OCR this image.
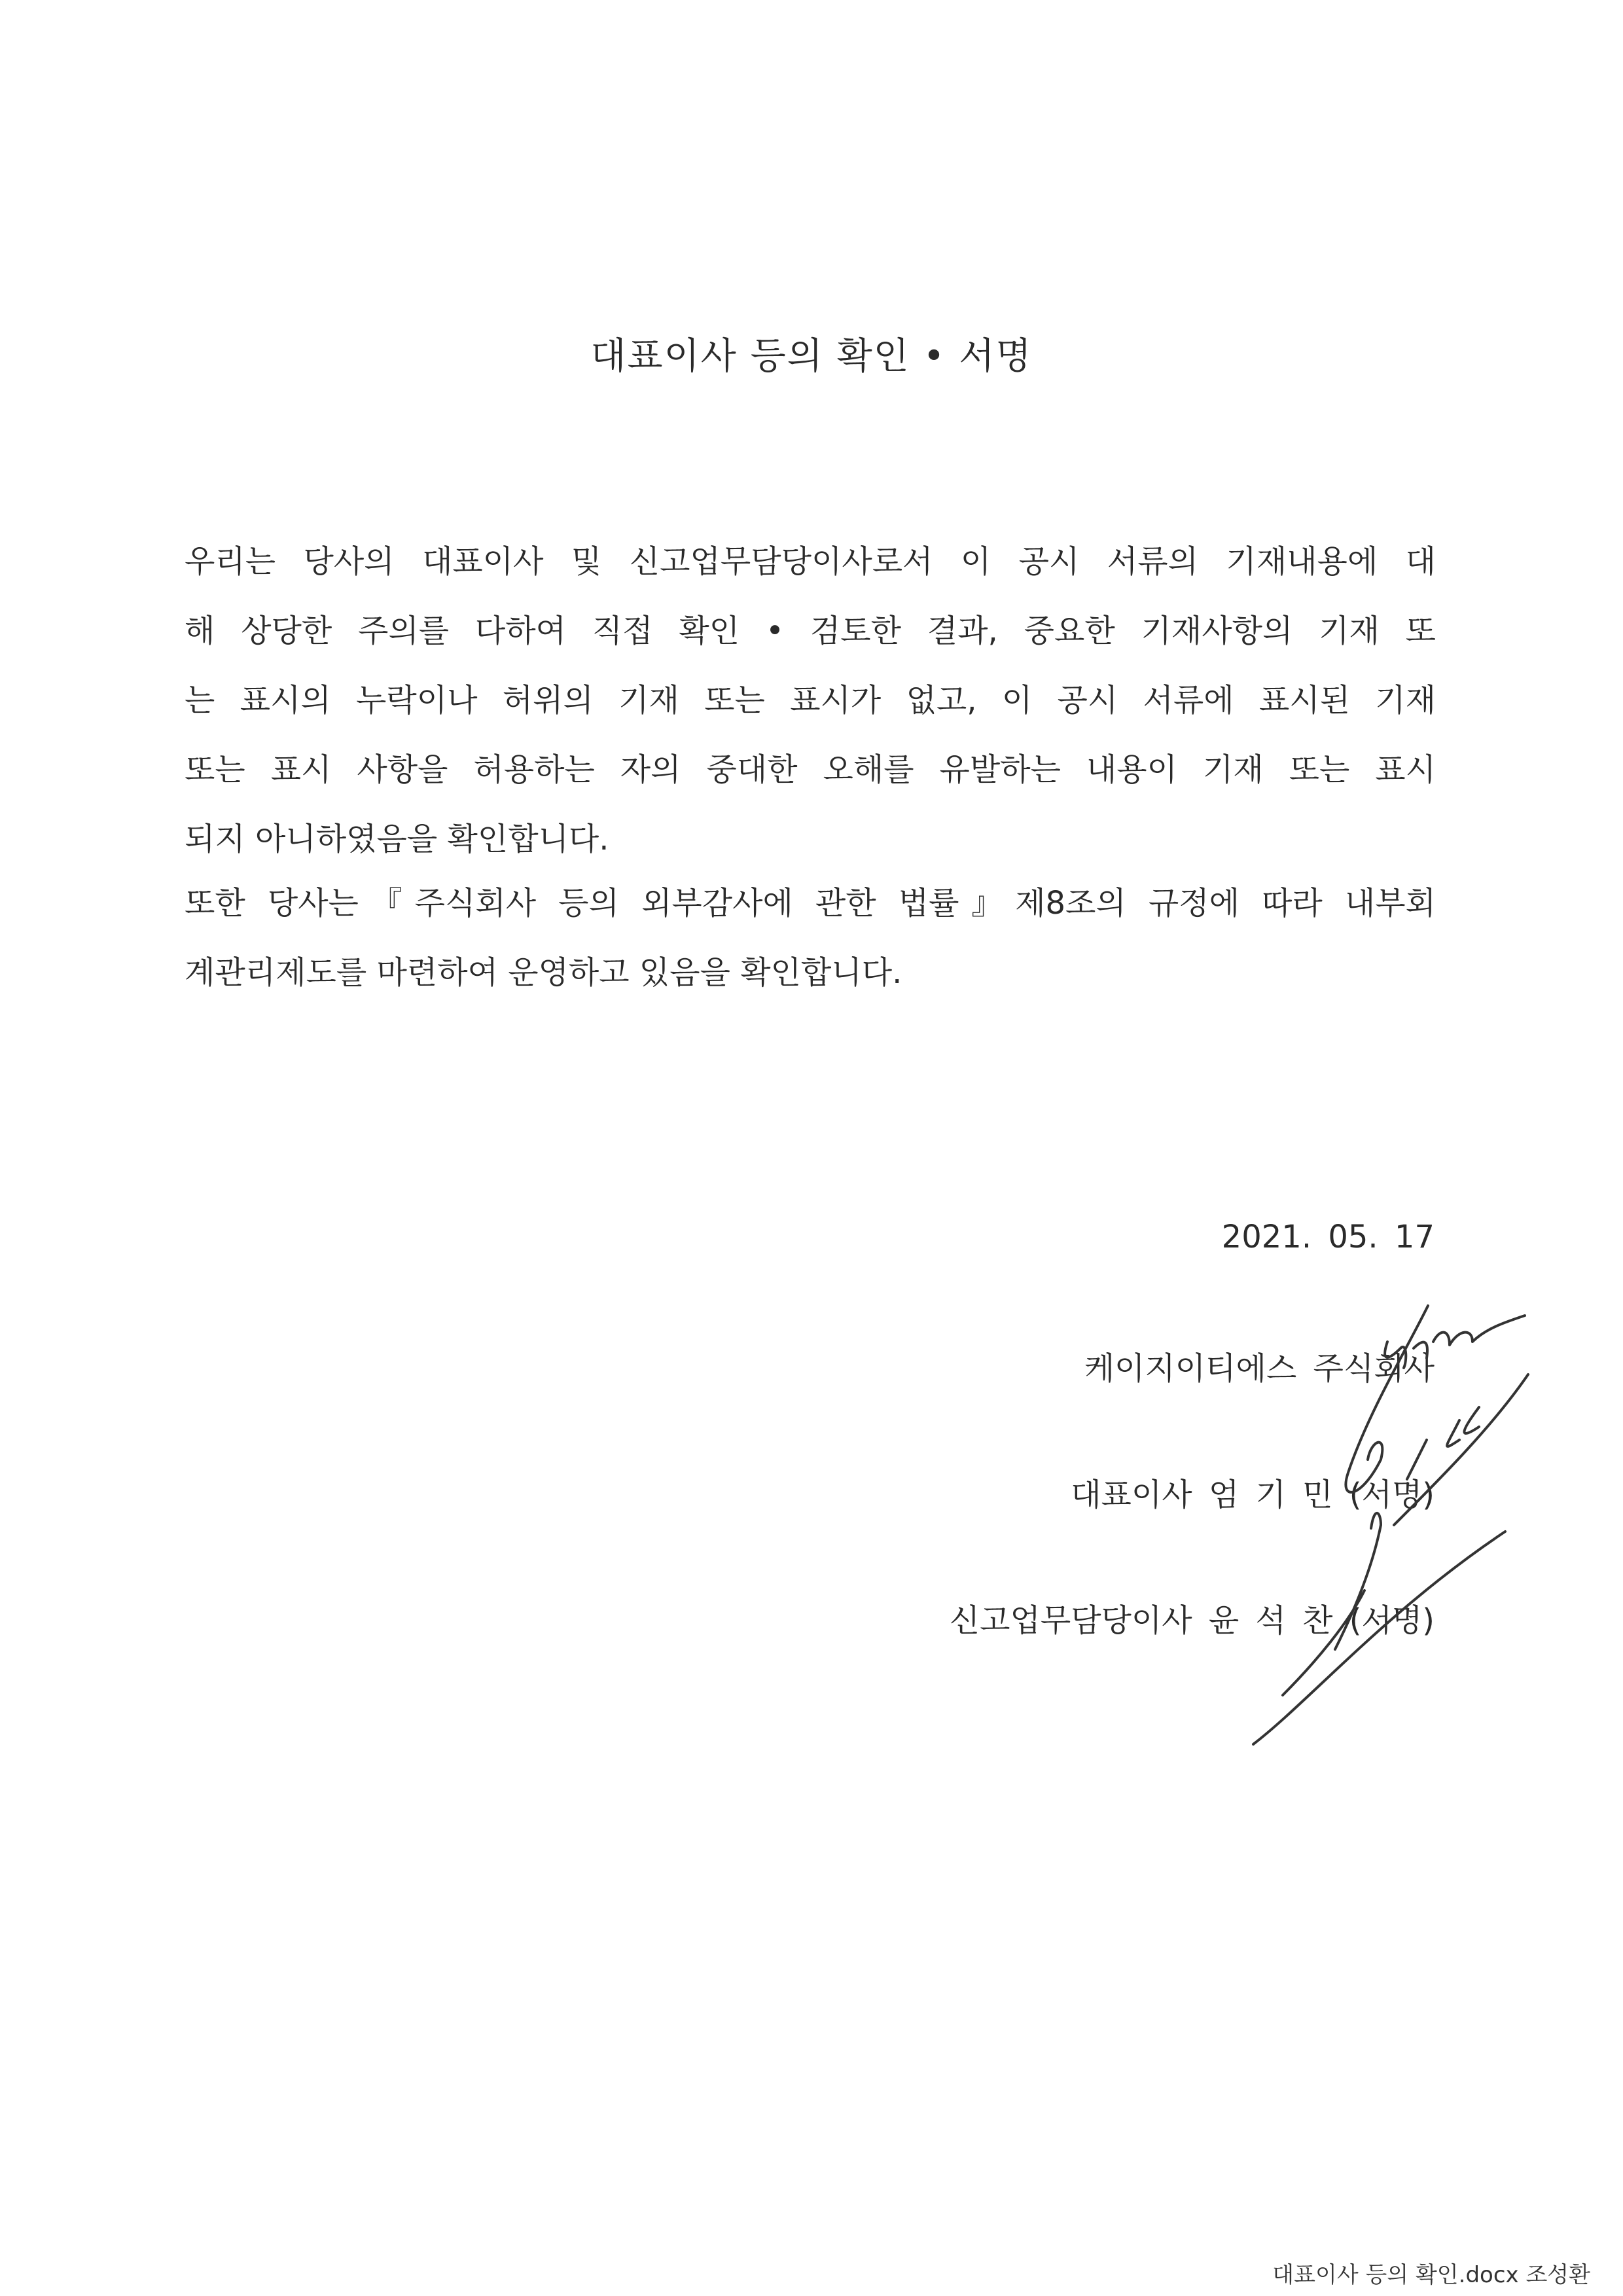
대표이사 등의 확인 • 서명
우리는 당사의 대표이사 및 신고업무담당이사로서 이 공시 서류의 기재내용에 대
해 상당한 주의를 다하여 직접 확인 • 검토한 결과, 중요한 기재사항의 기재 또
는 표시의 누락이나 허위의 기재 또는 표시가 없고, 이 공시 서류에 표시된 기재
또는 표시 사항을 허용하는 자의 중대한 오해를 유발하는 내용이 기재 또는 표시
되지 아니하였음을 확인합니다.
또한 당사는『주식회사 등의 외부감사에 관한 법률』제8조의 규정에 따라 내부회
계관리제도를 마련하여 운영하고 있음을 확인합니다.
2021. 05. 17
케이지이티에스 주식회사
대표이사 엄 기 민 (서명)
신고업무담당이사 윤 석 찬 (서명)
대표이사 등의 확인.docx 조성환
